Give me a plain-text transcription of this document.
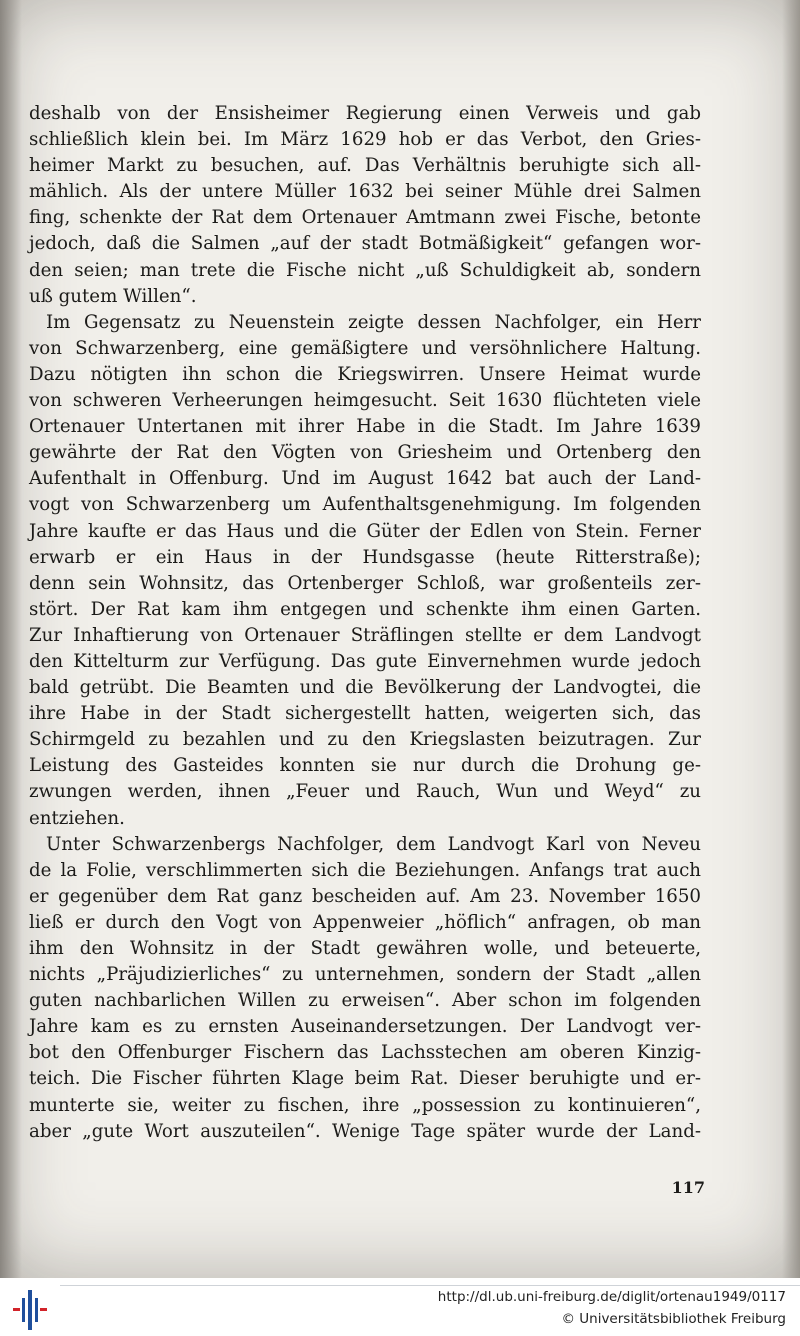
deshalb von der Ensisheimer Regierung einen Verweis und gab
schließlich klein bei. Im März 1629 hob er das Verbot, den Gries-
heimer Markt zu besuchen, auf. Das Verhältnis beruhigte sich all-
mählich. Als der untere Müller 1632 bei seiner Mühle drei Salmen
fing, schenkte der Rat dem Ortenauer Amtmann zwei Fische, betonte
jedoch, daß die Salmen „auf der stadt Botmäßigkeit“ gefangen wor-
den seien; man trete die Fische nicht „uß Schuldigkeit ab, sondern
uß gutem Willen“.
Im Gegensatz zu Neuenstein zeigte dessen Nachfolger, ein Herr
von Schwarzenberg, eine gemäßigtere und versöhnlichere Haltung.
Dazu nötigten ihn schon die Kriegswirren. Unsere Heimat wurde
von schweren Verheerungen heimgesucht. Seit 1630 flüchteten viele
Ortenauer Untertanen mit ihrer Habe in die Stadt. Im Jahre 1639
gewährte der Rat den Vögten von Griesheim und Ortenberg den
Aufenthalt in Offenburg. Und im August 1642 bat auch der Land-
vogt von Schwarzenberg um Aufenthaltsgenehmigung. Im folgenden
Jahre kaufte er das Haus und die Güter der Edlen von Stein. Ferner
erwarb er ein Haus in der Hundsgasse (heute Ritterstraße);
denn sein Wohnsitz, das Ortenberger Schloß, war großenteils zer-
stört. Der Rat kam ihm entgegen und schenkte ihm einen Garten.
Zur Inhaftierung von Ortenauer Sträflingen stellte er dem Landvogt
den Kittelturm zur Verfügung. Das gute Einvernehmen wurde jedoch
bald getrübt. Die Beamten und die Bevölkerung der Landvogtei, die
ihre Habe in der Stadt sichergestellt hatten, weigerten sich, das
Schirmgeld zu bezahlen und zu den Kriegslasten beizutragen. Zur
Leistung des Gasteides konnten sie nur durch die Drohung ge-
zwungen werden, ihnen „Feuer und Rauch, Wun und Weyd“ zu
entziehen.
Unter Schwarzenbergs Nachfolger, dem Landvogt Karl von Neveu
de la Folie, verschlimmerten sich die Beziehungen. Anfangs trat auch
er gegenüber dem Rat ganz bescheiden auf. Am 23. November 1650
ließ er durch den Vogt von Appenweier „höflich“ anfragen, ob man
ihm den Wohnsitz in der Stadt gewähren wolle, und beteuerte,
nichts „Präjudizierliches“ zu unternehmen, sondern der Stadt „allen
guten nachbarlichen Willen zu erweisen“. Aber schon im folgenden
Jahre kam es zu ernsten Auseinandersetzungen. Der Landvogt ver-
bot den Offenburger Fischern das Lachsstechen am oberen Kinzig-
teich. Die Fischer führten Klage beim Rat. Dieser beruhigte und er-
munterte sie, weiter zu fischen, ihre „possession zu kontinuieren“,
aber „gute Wort auszuteilen“. Wenige Tage später wurde der Land-
117
http://dl.ub.uni-freiburg.de/diglit/ortenau1949/0117
© Universitätsbibliothek Freiburg
